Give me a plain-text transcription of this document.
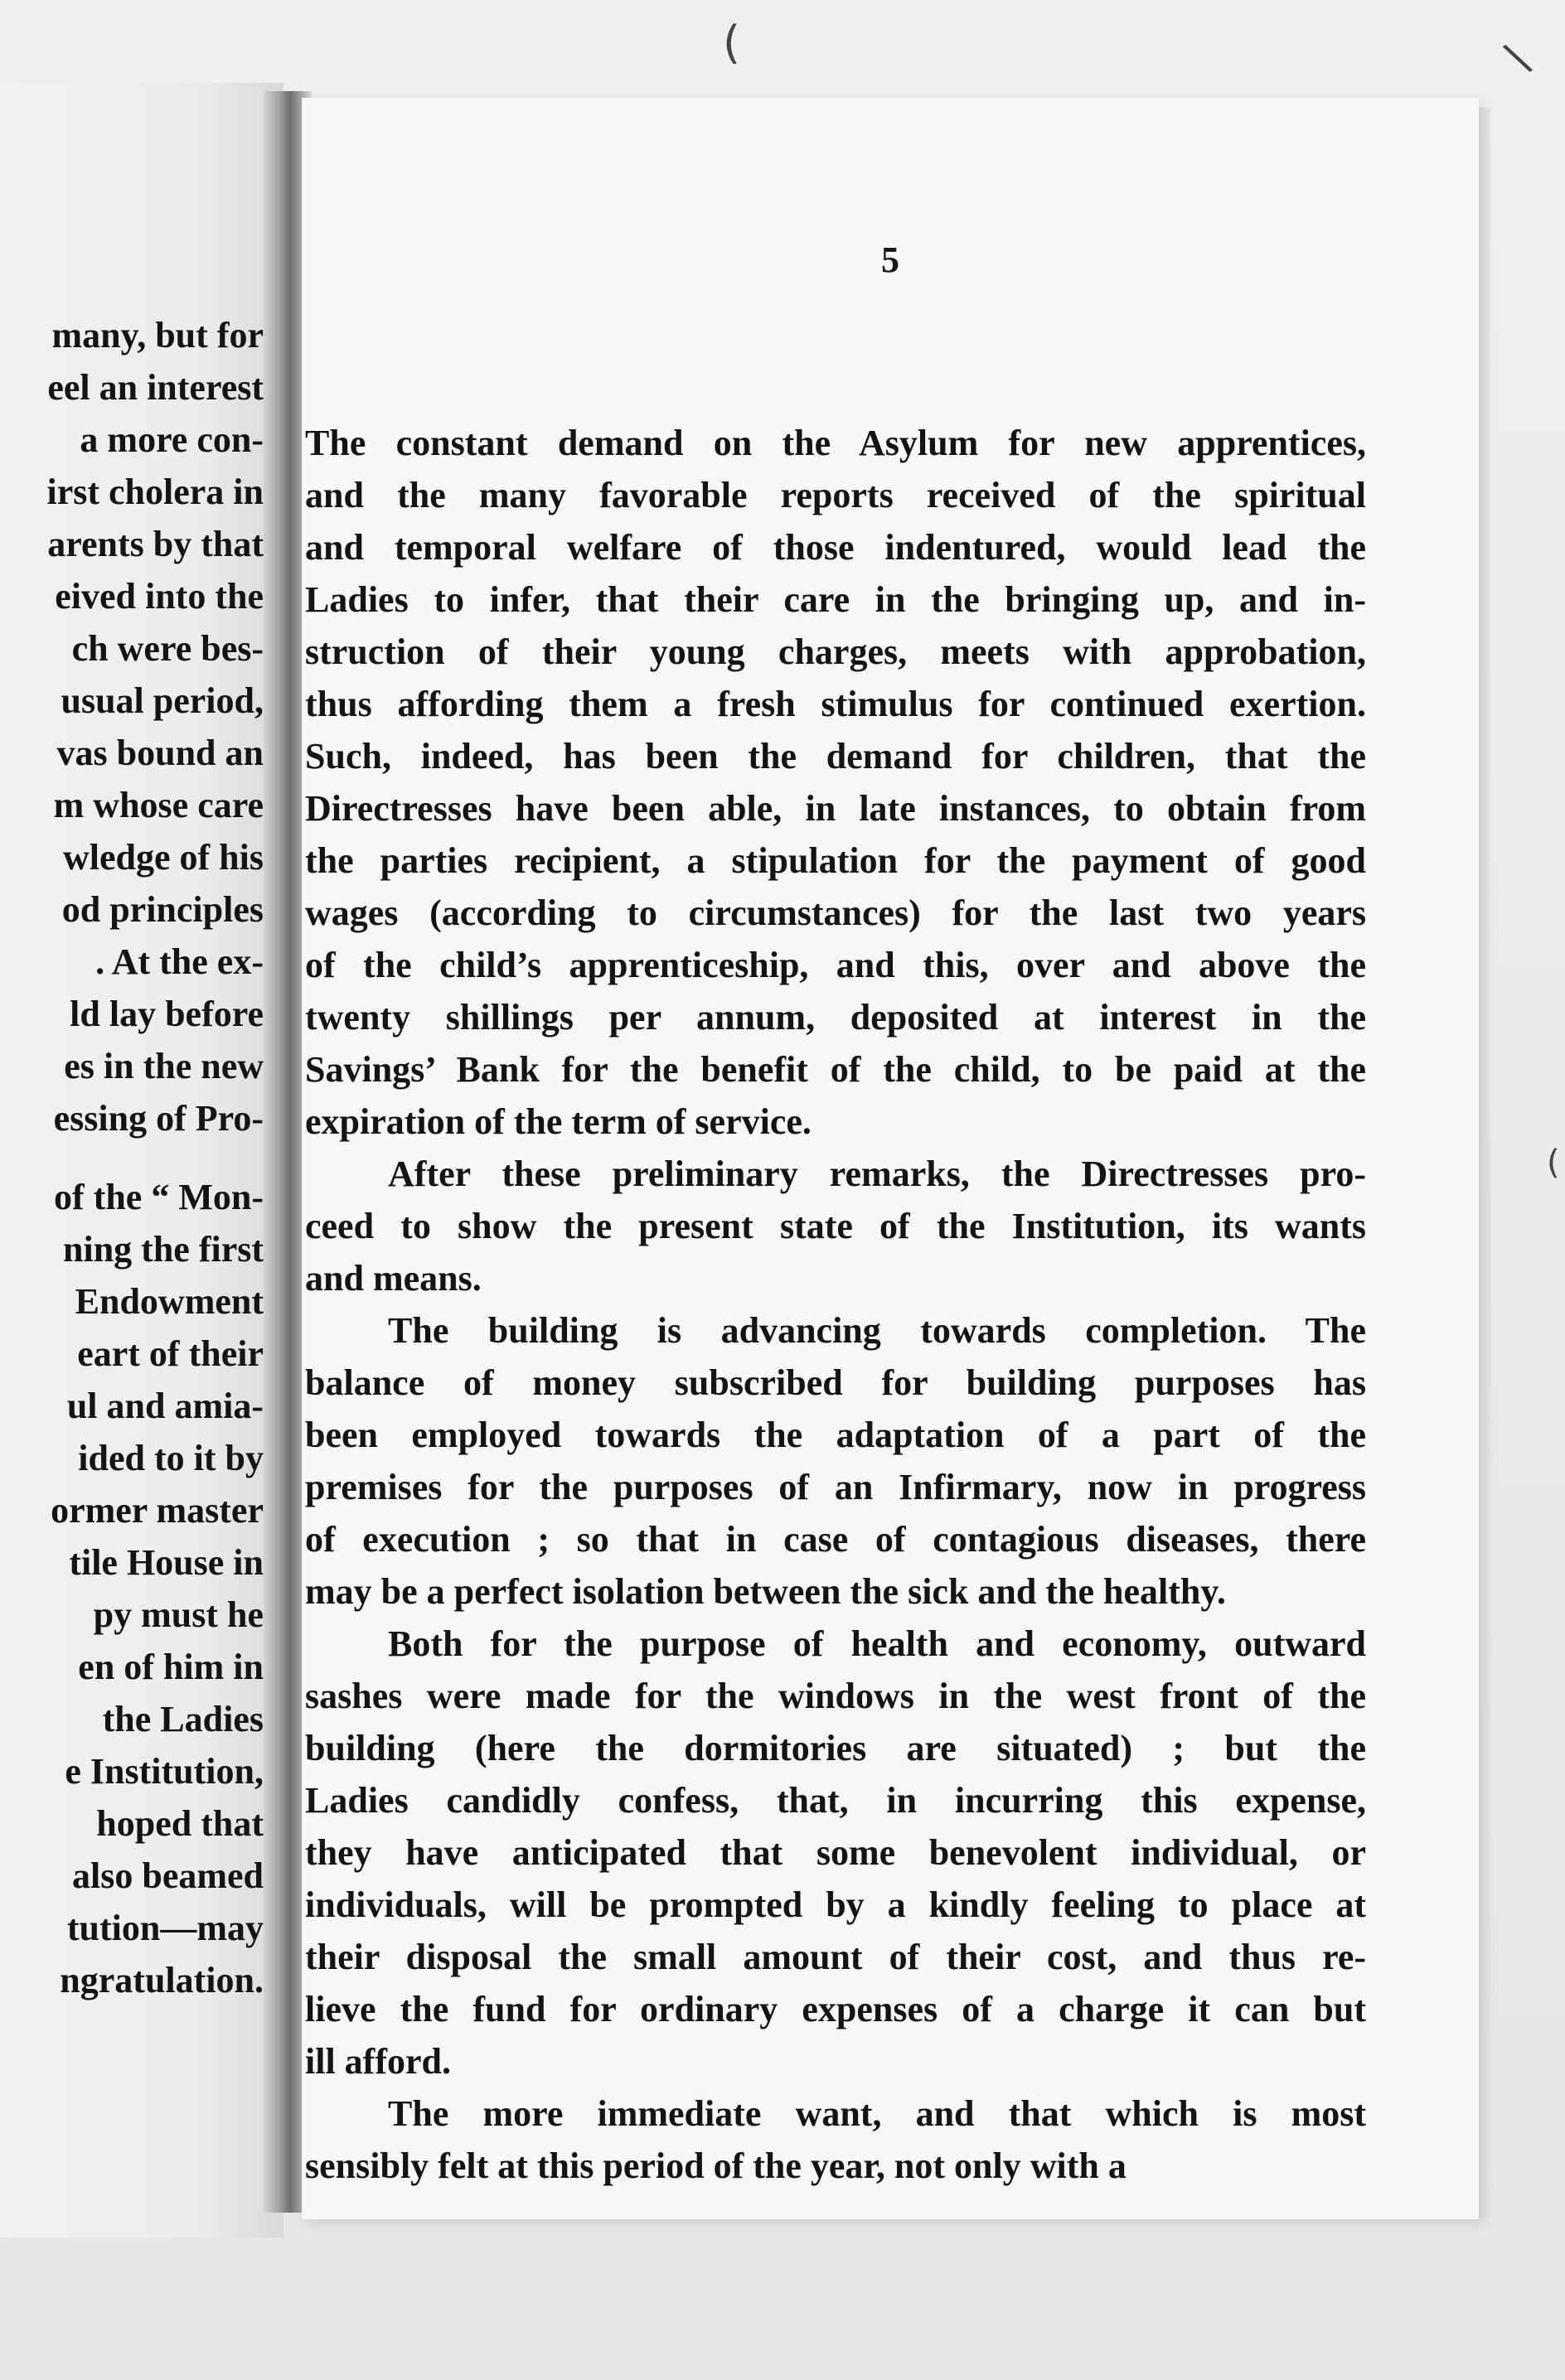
many, but for
eel an interest
a more con-
irst cholera in
arents by that
eived into the
ch were bes-
usual period,
vas bound an
m whose care
wledge of his
od principles
. At the ex-
ld lay before
es in the new
essing of Pro-
of the “ Mon-
ning the first
Endowment
eart of their
ul and amia-
ided to it by
ormer master
tile House in
py must he
en of him in
the Ladies
e Institution,
hoped that
also beamed
tution—may
ngratulation.
5
The constant demand on the Asylum for new apprentices,
and the many favorable reports received of the spiritual
and temporal welfare of those indentured, would lead the
Ladies to infer, that their care in the bringing up, and in-
struction of their young charges, meets with approbation,
thus affording them a fresh stimulus for continued exertion.
Such, indeed, has been the demand for children, that the
Directresses have been able, in late instances, to obtain from
the parties recipient, a stipulation for the payment of good
wages (according to circumstances) for the last two years
of the child’s apprenticeship, and this, over and above the
twenty shillings per annum, deposited at interest in the
Savings’ Bank for the benefit of the child, to be paid at the
expiration of the term of service.
After these preliminary remarks, the Directresses pro-
ceed to show the present state of the Institution, its wants
and means.
The building is advancing towards completion. The
balance of money subscribed for building purposes has
been employed towards the adaptation of a part of the
premises for the purposes of an Infirmary, now in progress
of execution ; so that in case of contagious diseases, there
may be a perfect isolation between the sick and the healthy.
Both for the purpose of health and economy, outward
sashes were made for the windows in the west front of the
building (here the dormitories are situated) ; but the
Ladies candidly confess, that, in incurring this expense,
they have anticipated that some benevolent individual, or
individuals, will be prompted by a kindly feeling to place at
their disposal the small amount of their cost, and thus re-
lieve the fund for ordinary expenses of a charge it can but
ill afford.
The more immediate want, and that which is most
sensibly felt at this period of the year, not only with a
(	\
(
